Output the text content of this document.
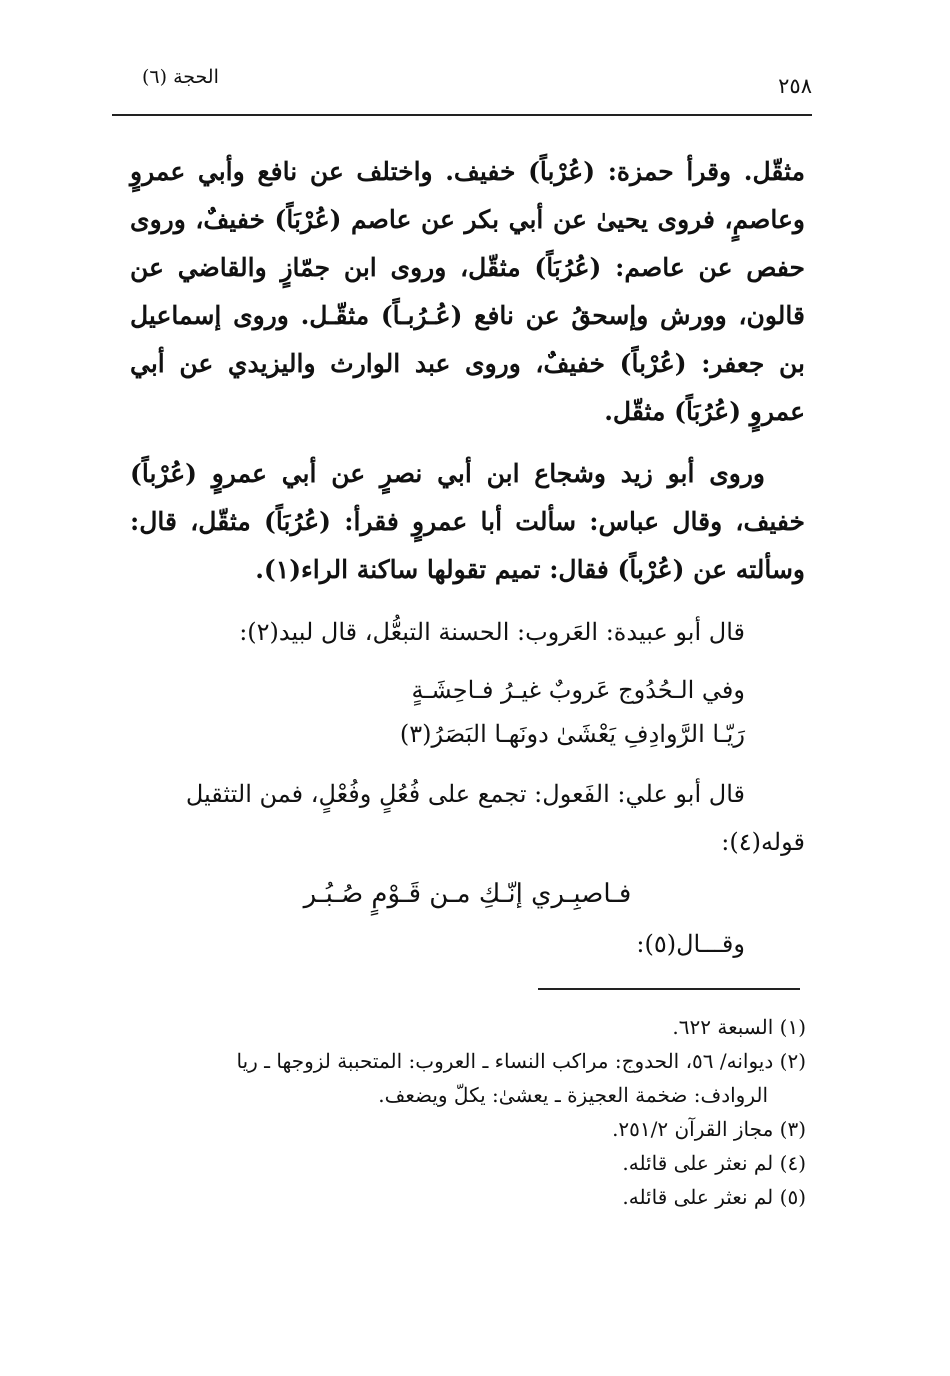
٢٥٨
الحجة (٦)

مثقّل. وقرأ حمزة: (عُرْباً) خفيف. واختلف عن نافع وأبي عمروٍ وعاصمٍ، فروى يحيىٰ عن أبي بكر عن عاصم (عُرْبَاً) خفيفٌ، وروى حفص عن عاصم: (عُرُبَاً) مثقّل، وروى ابن جمّازٍ والقاضي عن قالون، وورش وإسحقُ عن نافع (عُـرُبـاً) مثقّـل. وروى إسماعيل بن جعفر: (عُرْباً) خفيفٌ، وروى عبد الوارث واليزيدي عن أبي عمروٍ (عُرُبَاً) مثقّل.

وروى أبو زيد وشجاع ابن أبي نصرٍ عن أبي عمروٍ (عُرْباً) خفيف، وقال عباس: سألت أبا عمروٍ فقرأ: (عُرُبَاً) مثقّل، قال: وسألته عن (عُرْباً) فقال: تميم تقولها ساكنة الراء(١).

قال أبو عبيدة: العَروب: الحسنة التبعُّل، قال لبيد(٢):

وفي الـحُدُوج عَروبٌ غيـرُ فـاحِشَـةٍ

رَيّـا الرَّوادِفِ يَعْشَىٰ دونَهـا البَصَرُ(٣)

قال أبو علي: الفَعول: تجمع على فُعُلٍ وفُعْلٍ، فمن التثقيل قوله(٤):

فـاصبِـري إنّـكِ مـن قَـوْمٍ صُـبُـر

وقـــال(٥):

(١) السبعة ٦٢٢.

(٢) ديوانه/ ٥٦، الحدوج: مراكب النساء ـ العروب: المتحببة لزوجها ـ ريا

الروادف: ضخمة العجيزة ـ يعشىٰ: يكلّ ويضعف.

(٣) مجاز القرآن ٢٥١/٢.

(٤) لم نعثر على قائله.

(٥) لم نعثر على قائله.
